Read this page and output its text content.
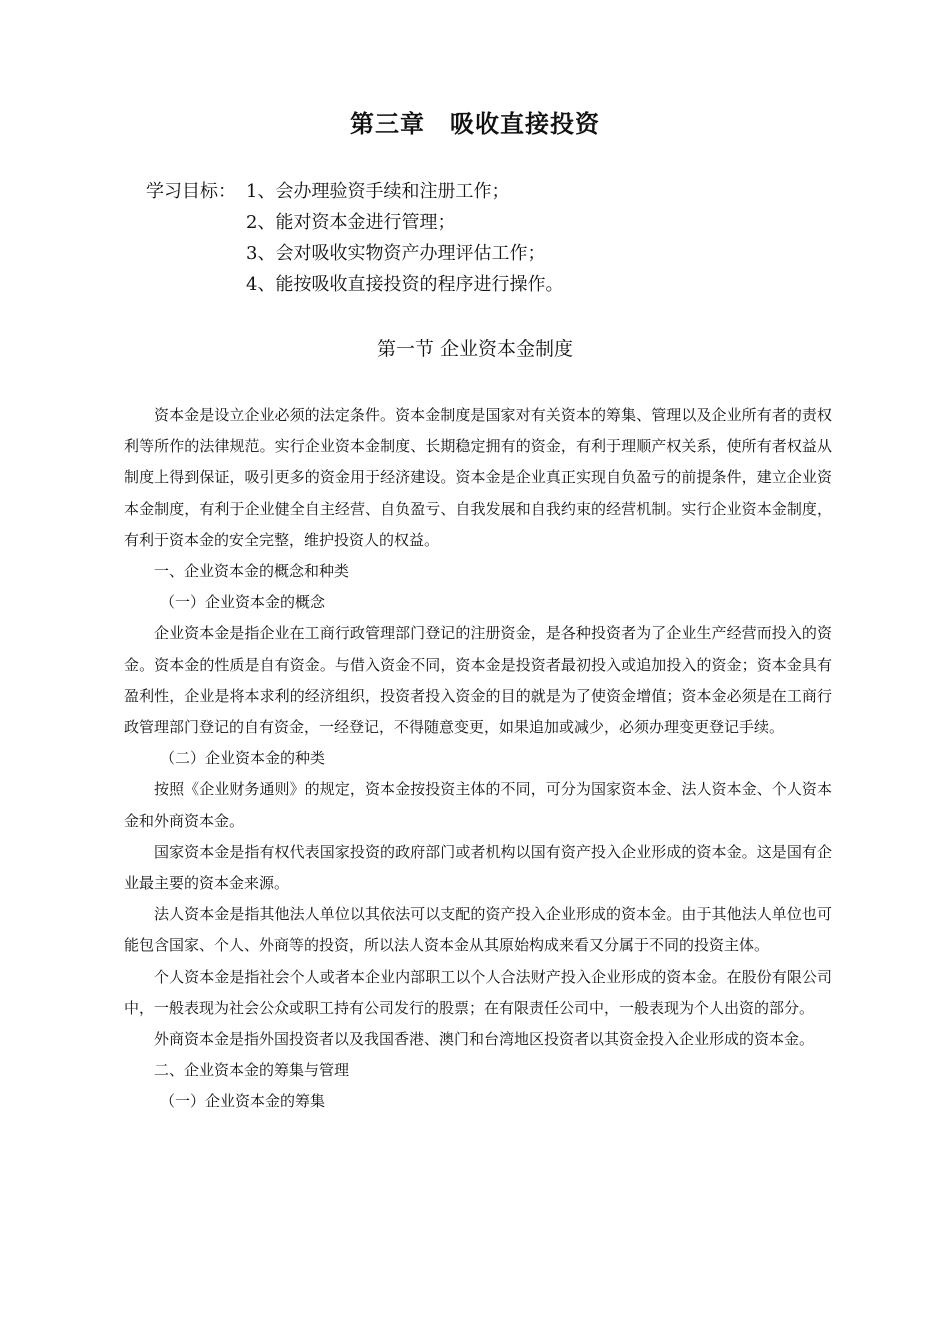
第三章　吸收直接投资
学习目标： 1、会办理验资手续和注册工作；
2、能对资本金进行管理；
3、会对吸收实物资产办理评估工作；
4、能按吸收直接投资的程序进行操作。
第一节 企业资本金制度

资本金是设立企业必须的法定条件。资本金制度是国家对有关资本的筹集、管理以及企业所有者的责权利等所作的法律规范。实行企业资本金制度、长期稳定拥有的资金，有利于理顺产权关系，使所有者权益从制度上得到保证，吸引更多的资金用于经济建设。资本金是企业真正实现自负盈亏的前提条件，建立企业资本金制度，有利于企业健全自主经营、自负盈亏、自我发展和自我约束的经营机制。实行企业资本金制度，有利于资本金的安全完整，维护投资人的权益。

一、企业资本金的概念和种类

（一）企业资本金的概念

企业资本金是指企业在工商行政管理部门登记的注册资金，是各种投资者为了企业生产经营而投入的资金。资本金的性质是自有资金。与借入资金不同，资本金是投资者最初投入或追加投入的资金；资本金具有盈利性，企业是将本求利的经济组织，投资者投入资金的目的就是为了使资金增值；资本金必须是在工商行政管理部门登记的自有资金，一经登记，不得随意变更，如果追加或减少，必须办理变更登记手续。

（二）企业资本金的种类

按照《企业财务通则》的规定，资本金按投资主体的不同，可分为国家资本金、法人资本金、个人资本金和外商资本金。

国家资本金是指有权代表国家投资的政府部门或者机构以国有资产投入企业形成的资本金。这是国有企业最主要的资本金来源。

法人资本金是指其他法人单位以其依法可以支配的资产投入企业形成的资本金。由于其他法人单位也可能包含国家、个人、外商等的投资，所以法人资本金从其原始构成来看又分属于不同的投资主体。

个人资本金是指社会个人或者本企业内部职工以个人合法财产投入企业形成的资本金。在股份有限公司中，一般表现为社会公众或职工持有公司发行的股票；在有限责任公司中，一般表现为个人出资的部分。

外商资本金是指外国投资者以及我国香港、澳门和台湾地区投资者以其资金投入企业形成的资本金。

二、企业资本金的筹集与管理

（一）企业资本金的筹集
